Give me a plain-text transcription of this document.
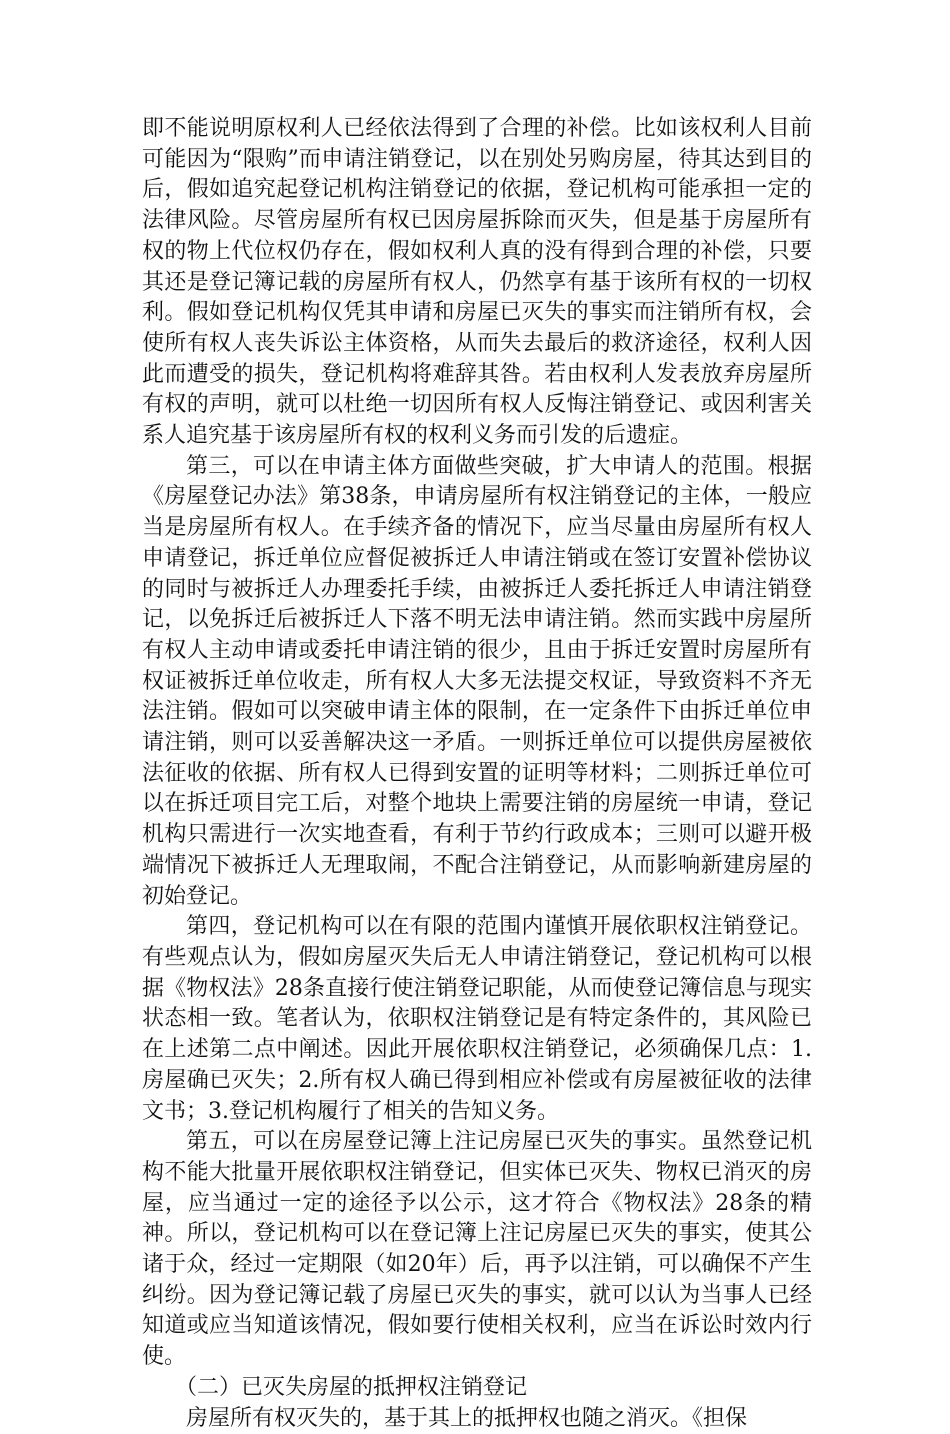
即不能说明原权利人已经依法得到了合理的补偿。比如该权利人目前可能因为“限购”而申请注销登记，以在别处另购房屋，待其达到目的后，假如追究起登记机构注销登记的依据，登记机构可能承担一定的法律风险。尽管房屋所有权已因房屋拆除而灭失，但是基于房屋所有权的物上代位权仍存在，假如权利人真的没有得到合理的补偿，只要其还是登记簿记载的房屋所有权人，仍然享有基于该所有权的一切权利。假如登记机构仅凭其申请和房屋已灭失的事实而注销所有权，会使所有权人丧失诉讼主体资格，从而失去最后的救济途径，权利人因此而遭受的损失，登记机构将难辞其咎。若由权利人发表放弃房屋所有权的声明，就可以杜绝一切因所有权人反悔注销登记、或因利害关系人追究基于该房屋所有权的权利义务而引发的后遗症。

第三，可以在申请主体方面做些突破，扩大申请人的范围。根据《房屋登记办法》第38条，申请房屋所有权注销登记的主体，一般应当是房屋所有权人。在手续齐备的情况下，应当尽量由房屋所有权人申请登记，拆迁单位应督促被拆迁人申请注销或在签订安置补偿协议的同时与被拆迁人办理委托手续，由被拆迁人委托拆迁人申请注销登记，以免拆迁后被拆迁人下落不明无法申请注销。然而实践中房屋所有权人主动申请或委托申请注销的很少，且由于拆迁安置时房屋所有权证被拆迁单位收走，所有权人大多无法提交权证，导致资料不齐无法注销。假如可以突破申请主体的限制，在一定条件下由拆迁单位申请注销，则可以妥善解决这一矛盾。一则拆迁单位可以提供房屋被依法征收的依据、所有权人已得到安置的证明等材料；二则拆迁单位可以在拆迁项目完工后，对整个地块上需要注销的房屋统一申请，登记机构只需进行一次实地查看，有利于节约行政成本；三则可以避开极端情况下被拆迁人无理取闹，不配合注销登记，从而影响新建房屋的初始登记。

第四，登记机构可以在有限的范围内谨慎开展依职权注销登记。有些观点认为，假如房屋灭失后无人申请注销登记，登记机构可以根据《物权法》28条直接行使注销登记职能，从而使登记簿信息与现实状态相一致。笔者认为，依职权注销登记是有特定条件的，其风险已在上述第二点中阐述。因此开展依职权注销登记，必须确保几点：1.房屋确已灭失；2.所有权人确已得到相应补偿或有房屋被征收的法律文书；3.登记机构履行了相关的告知义务。

第五，可以在房屋登记簿上注记房屋已灭失的事实。虽然登记机构不能大批量开展依职权注销登记，但实体已灭失、物权已消灭的房屋，应当通过一定的途径予以公示，这才符合《物权法》28条的精神。所以，登记机构可以在登记簿上注记房屋已灭失的事实，使其公诸于众，经过一定期限（如20年）后，再予以注销，可以确保不产生纠纷。因为登记簿记载了房屋已灭失的事实，就可以认为当事人已经知道或应当知道该情况，假如要行使相关权利，应当在诉讼时效内行使。

（二）已灭失房屋的抵押权注销登记

房屋所有权灭失的，基于其上的抵押权也随之消灭。《担保
